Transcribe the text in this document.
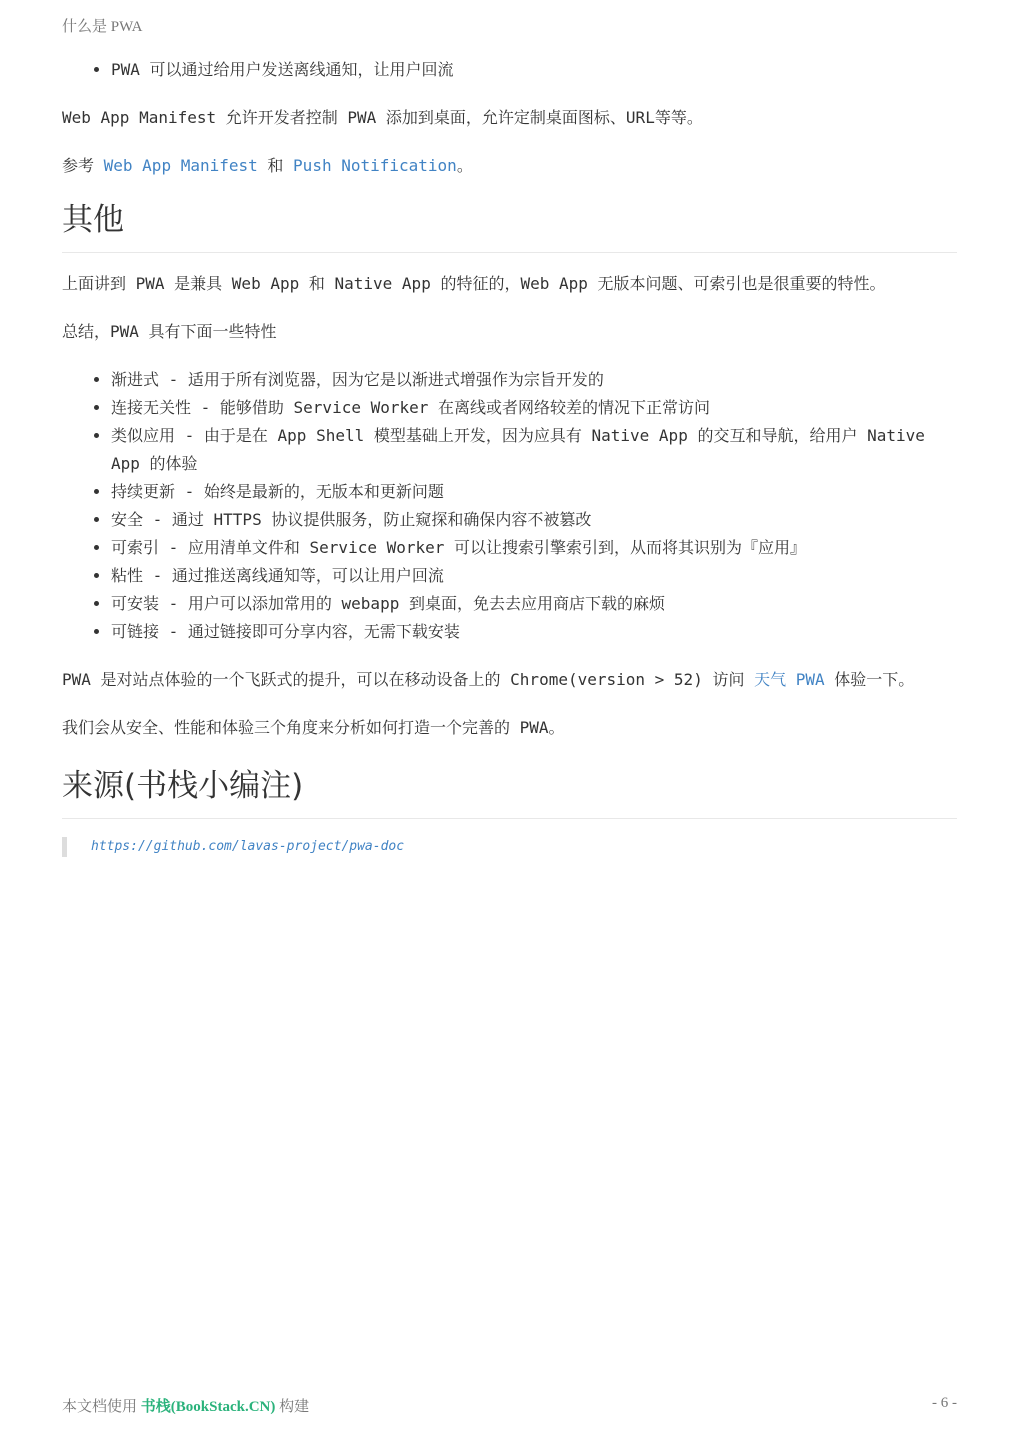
什么是 PWA
• PWA 可以通过给用户发送离线通知，让用户回流

Web App Manifest 允许开发者控制 PWA 添加到桌面，允许定制桌面图标、URL等等。

参考 Web App Manifest 和 Push Notification。

其他

上面讲到 PWA 是兼具 Web App 和 Native App 的特征的，Web App 无版本问题、可索引也是很重要的特性。

总结，PWA 具有下面一些特性

• 渐进式 - 适用于所有浏览器，因为它是以渐进式增强作为宗旨开发的
• 连接无关性 - 能够借助 Service Worker 在离线或者网络较差的情况下正常访问
• 类似应用 - 由于是在 App Shell 模型基础上开发，因为应具有 Native App 的交互和导航，给用户 Native App 的体验
• 持续更新 - 始终是最新的，无版本和更新问题
• 安全 - 通过 HTTPS 协议提供服务，防止窥探和确保内容不被篡改
• 可索引 - 应用清单文件和 Service Worker 可以让搜索引擎索引到，从而将其识别为『应用』
• 粘性 - 通过推送离线通知等，可以让用户回流
• 可安装 - 用户可以添加常用的 webapp 到桌面，免去去应用商店下载的麻烦
• 可链接 - 通过链接即可分享内容，无需下载安装

PWA 是对站点体验的一个飞跃式的提升，可以在移动设备上的 Chrome(version > 52) 访问 天气 PWA 体验一下。

我们会从安全、性能和体验三个角度来分析如何打造一个完善的 PWA。

来源(书栈小编注)
https://github.com/lavas-project/pwa-doc
本文档使用 书栈(BookStack.CN) 构建	- 6 -
